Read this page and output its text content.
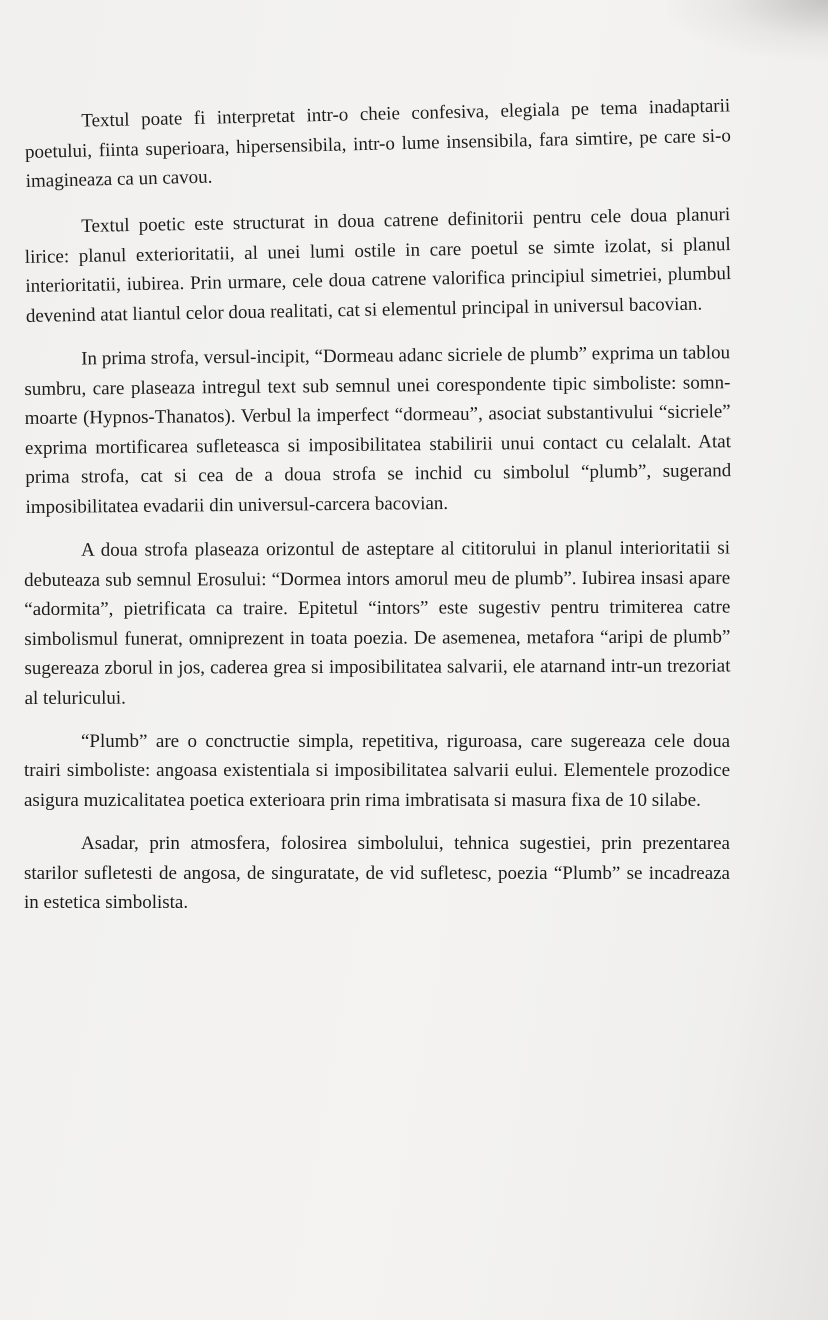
Textul poate fi interpretat intr-o cheie confesiva, elegiala pe tema inadaptarii poetului, fiinta superioara, hipersensibila, intr-o lume insensibila, fara simtire, pe care si-o imagineaza ca un cavou.

Textul poetic este structurat in doua catrene definitorii pentru cele doua planuri lirice: planul exterioritatii, al unei lumi ostile in care poetul se simte izolat, si planul interioritatii, iubirea. Prin urmare, cele doua catrene valorifica principiul simetriei, plumbul devenind atat liantul celor doua realitati, cat si elementul principal in universul bacovian.

In prima strofa, versul-incipit, “Dormeau adanc sicriele de plumb” exprima un tablou sumbru, care plaseaza intregul text sub semnul unei corespondente tipic simboliste: somn-moarte (Hypnos-Thanatos). Verbul la imperfect “dormeau”, asociat substantivului “sicriele” exprima mortificarea sufleteasca si imposibilitatea stabilirii unui contact cu celalalt. Atat prima strofa, cat si cea de a doua strofa se inchid cu simbolul “plumb”, sugerand imposibilitatea evadarii din universul-carcera bacovian.

A doua strofa plaseaza orizontul de asteptare al cititorului in planul interioritatii si debuteaza sub semnul Erosului: “Dormea intors amorul meu de plumb”. Iubirea insasi apare “adormita”, pietrificata ca traire. Epitetul “intors” este sugestiv pentru trimiterea catre simbolismul funerat, omniprezent in toata poezia. De asemenea, metafora “aripi de plumb” sugereaza zborul in jos, caderea grea si imposibilitatea salvarii, ele atarnand intr-un trezoriat al teluricului.

“Plumb” are o conctructie simpla, repetitiva, riguroasa, care sugereaza cele doua trairi simboliste: angoasa existentiala si imposibilitatea salvarii eului. Elementele prozodice asigura muzicalitatea poetica exterioara prin rima imbratisata si masura fixa de 10 silabe.

Asadar, prin atmosfera, folosirea simbolului, tehnica sugestiei, prin prezentarea starilor sufletesti de angosa, de singuratate, de vid sufletesc, poezia “Plumb” se incadreaza in estetica simbolista.
